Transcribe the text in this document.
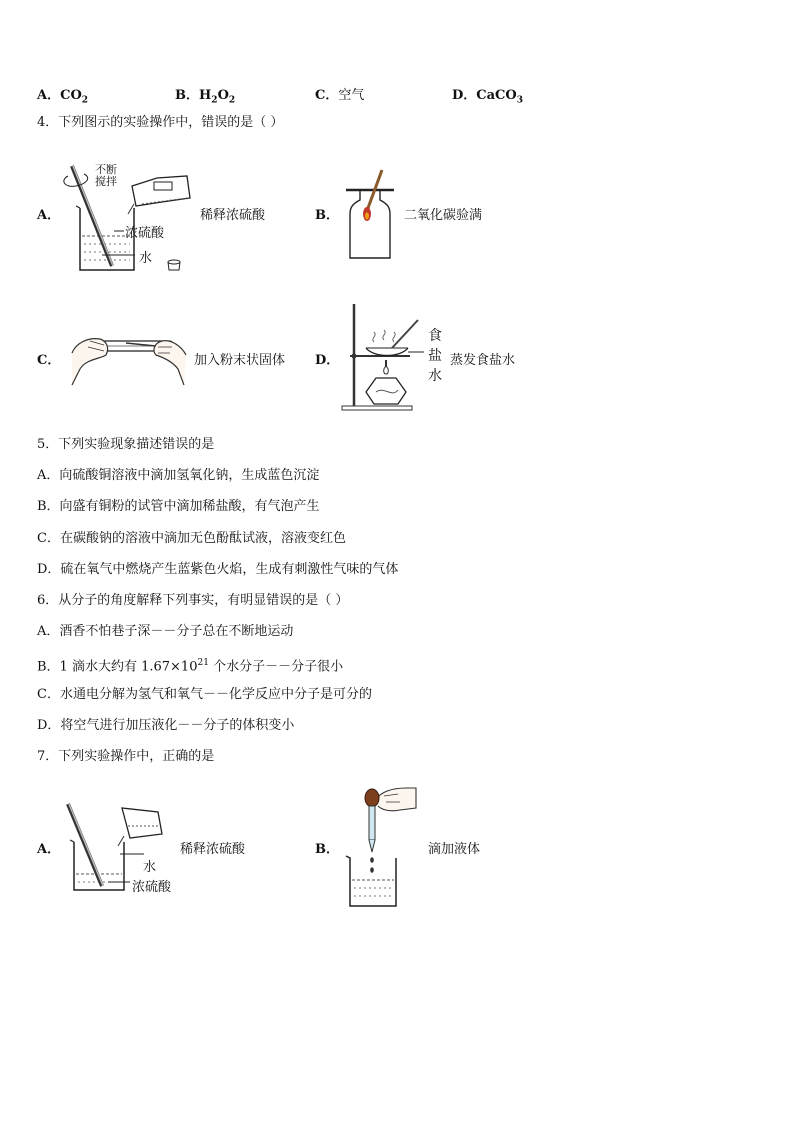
A．$CO_2$	B．$H_2O_2$	C．空气	D．CaCO$_3$
4．下列图示的实验操作中，错误的是（ ）
A．
不断
搅拌
浓硫酸
水
稀释浓硫酸	B．	二氧化碳验满
C．	加入粉末状固体 D．
食
盐
水
蒸发食盐水
5．下列实验现象描述错误的是
A．向硫酸铜溶液中滴加氢氧化钠，生成蓝色沉淀
B．向盛有铜粉的试管中滴加稀盐酸，有气泡产生
C．在碳酸钠的溶液中滴加无色酚酞试液，溶液变红色
D．硫在氧气中燃烧产生蓝紫色火焰，生成有刺激性气味的气体
6．从分子的角度解释下列事实，有明显错误的是（ ）
A．酒香不怕巷子深－－分子总在不断地运动
B．1 滴水大约有 $1.67\times 10^{21}$ 个水分子－－分子很小
C．水通电分解为氢气和氧气－－化学反应中分子是可分的
D．将空气进行加压液化－－分子的体积变小
7．下列实验操作中，正确的是
A．
水
浓硫酸
稀释浓硫酸	B．	滴加液体
